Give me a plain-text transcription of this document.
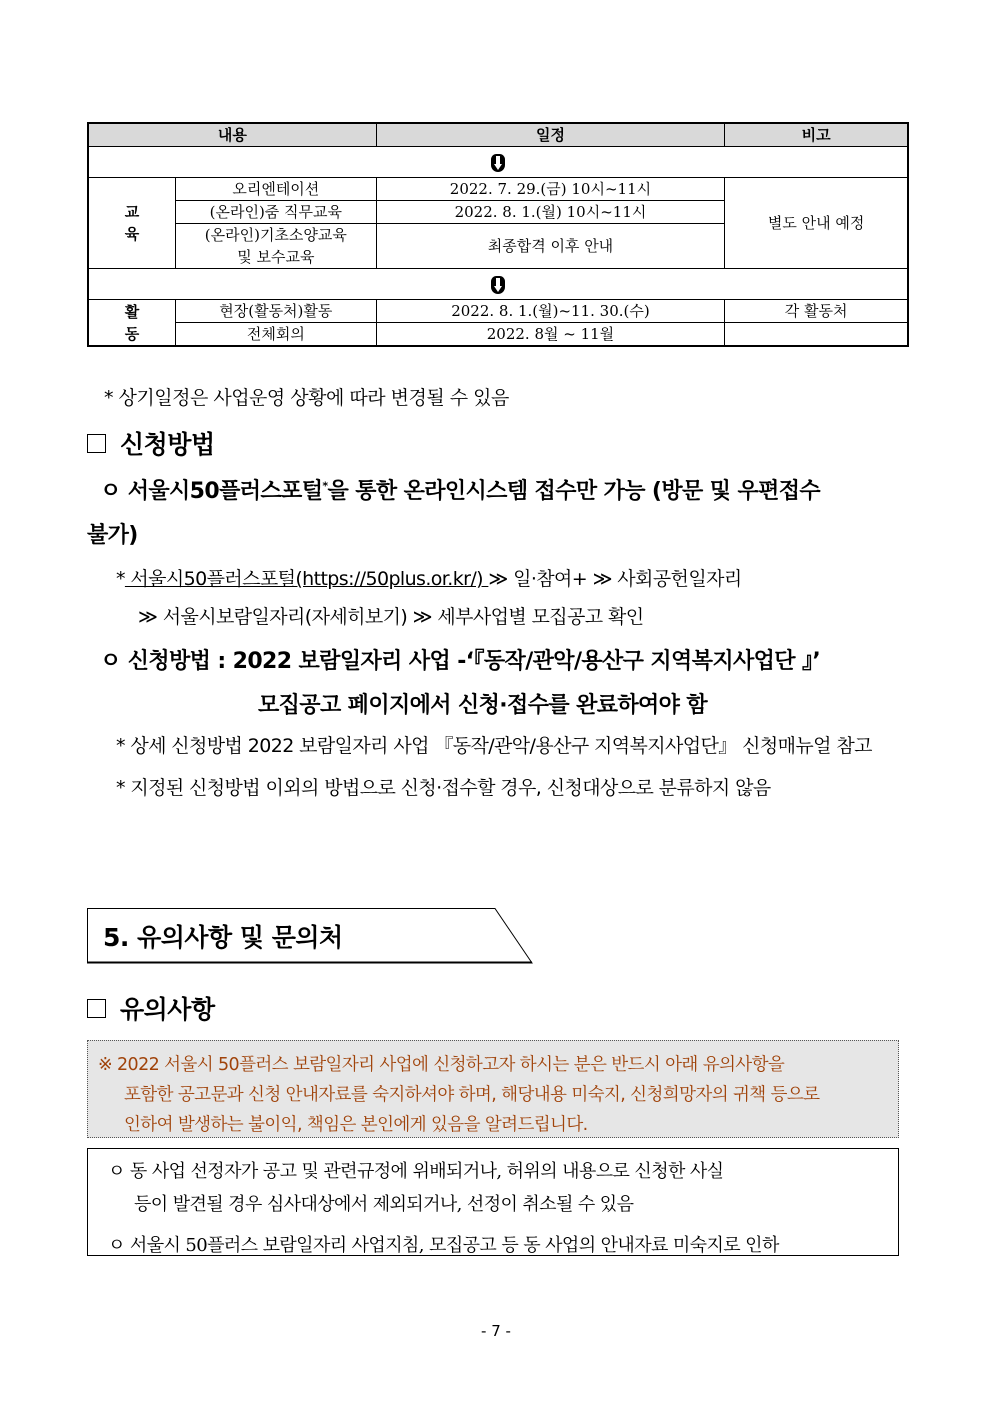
내용		일정	비고

교 육	오리엔테이션	2022. 7. 29.(금) 10시~11시	별도 안내 예정
	(온라인)줌 직무교육	2022. 8. 1.(월) 10시~11시	
	(온라인)기초소양교육	최종합격 이후 안내	
	및 보수교육		

활 동	현장(활동처)활동	2022. 8. 1.(월)~11. 30.(수)	각 활동처
	전체회의	2022. 8월 ~ 11월	
* 상기일정은 사업운영 상황에 따라 변경될 수 있음
신청방법
ㅇ 서울시50플러스포털*을 통한 온라인시스템 접수만 가능 (방문 및 우편접수
불가)
* 서울시50플러스포털(https://50plus.or.kr/) ≫ 일·참여+ ≫ 사회공헌일자리
≫ 서울시보람일자리(자세히보기) ≫ 세부사업별 모집공고 확인
ㅇ 신청방법 : 2022 보람일자리 사업 -‘『동작/관악/용산구 지역복지사업단 』’
모집공고 페이지에서 신청·접수를 완료하여야 함
* 상세 신청방법 2022 보람일자리 사업 『동작/관악/용산구 지역복지사업단』 신청매뉴얼 참고
* 지정된 신청방법 이외의 방법으로 신청·접수할 경우, 신청대상으로 분류하지 않음
5. 유의사항 및 문의처
유의사항
※ 2022 서울시 50플러스 보람일자리 사업에 신청하고자 하시는 분은 반드시 아래 유의사항을
포함한 공고문과 신청 안내자료를 숙지하셔야 하며, 해당내용 미숙지, 신청희망자의 귀책 등으로
인하여 발생하는 불이익, 책임은 본인에게 있음을 알려드립니다.
ㅇ 동 사업 선정자가 공고 및 관련규정에 위배되거나, 허위의 내용으로 신청한 사실
등이 발견될 경우 심사대상에서 제외되거나, 선정이 취소될 수 있음
ㅇ 서울시 50플러스 보람일자리 사업지침, 모집공고 등 동 사업의 안내자료 미숙지로 인하
- 7 -
